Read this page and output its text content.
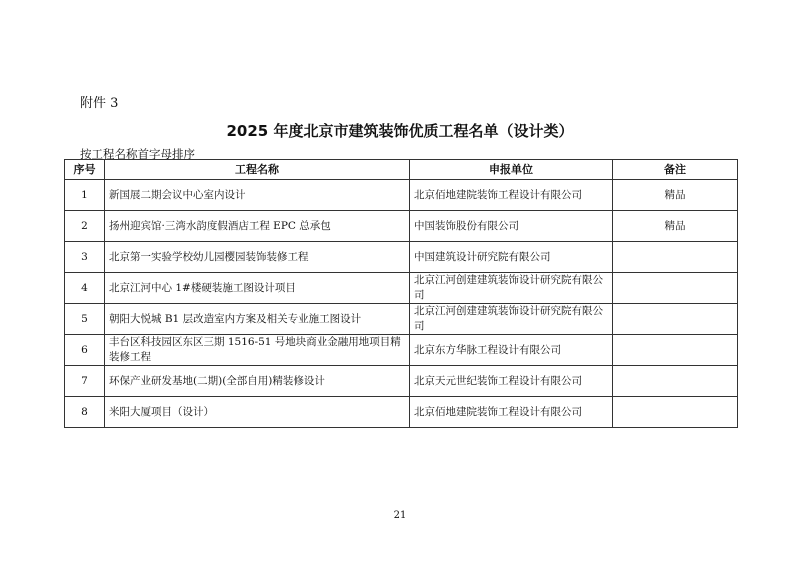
附件 3
2025 年度北京市建筑装饰优质工程名单（设计类）
按工程名称首字母排序
序号	工程名称	申报单位	备注
1	新国展二期会议中心室内设计	北京佰地建院装饰工程设计有限公司	精品
2	扬州迎宾馆·三湾水韵度假酒店工程 EPC 总承包	中国装饰股份有限公司	精品
3	北京第一实验学校幼儿园樱园装饰装修工程	中国建筑设计研究院有限公司	
4	北京江河中心 1#楼硬装施工图设计项目	北京江河创建建筑装饰设计研究院有限公司	
5	朝阳大悦城 B1 层改造室内方案及相关专业施工图设计	北京江河创建建筑装饰设计研究院有限公司	
6	丰台区科技园区东区三期 1516-51 号地块商业金融用地项目精装修工程	北京东方华脉工程设计有限公司	
7	环保产业研发基地(二期)(全部自用)精装修设计	北京天元世纪装饰工程设计有限公司	
8	米阳大厦项目（设计）	北京佰地建院装饰工程设计有限公司	
21
